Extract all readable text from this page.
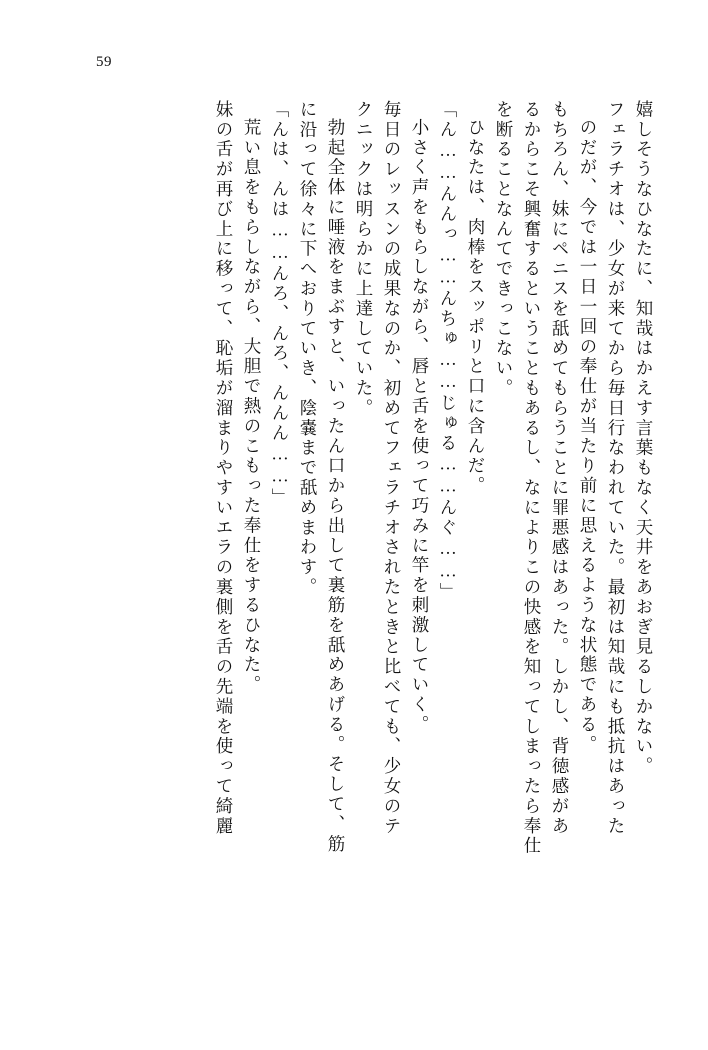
59
嬉しそうなひなたに、知哉はかえす言葉もなく天井をあおぎ見るしかない。
フェラチオは、少女が来てから毎日行なわれていた。最初は知哉にも抵抗はあった
のだが、今では一日一回の奉仕が当たり前に思えるような状態である。
もちろん、妹にペニスを舐めてもらうことに罪悪感はあった。しかし、背徳感があ
るからこそ興奮するということもあるし、なによりこの快感を知ってしまったら奉仕
を断ることなんてできっこない。
ひなたは、肉棒をスッポリと口に含んだ。
「ん……んんっ……んちゅ……じゅる……んぐ……」
小さく声をもらしながら、唇と舌を使って巧みに竿を刺激していく。
毎日のレッスンの成果なのか、初めてフェラチオされたときと比べても、少女のテ
クニックは明らかに上達していた。
勃起全体に唾液をまぶすと、いったん口から出して裏筋を舐めあげる。そして、筋
に沿って徐々に下へおりていき、陰嚢まで舐めまわす。
「んは、んは……んろ、んろ、んんん……」
荒い息をもらしながら、大胆で熱のこもった奉仕をするひなた。
妹の舌が再び上に移って、恥垢が溜まりやすいエラの裏側を舌の先端を使って綺麗
